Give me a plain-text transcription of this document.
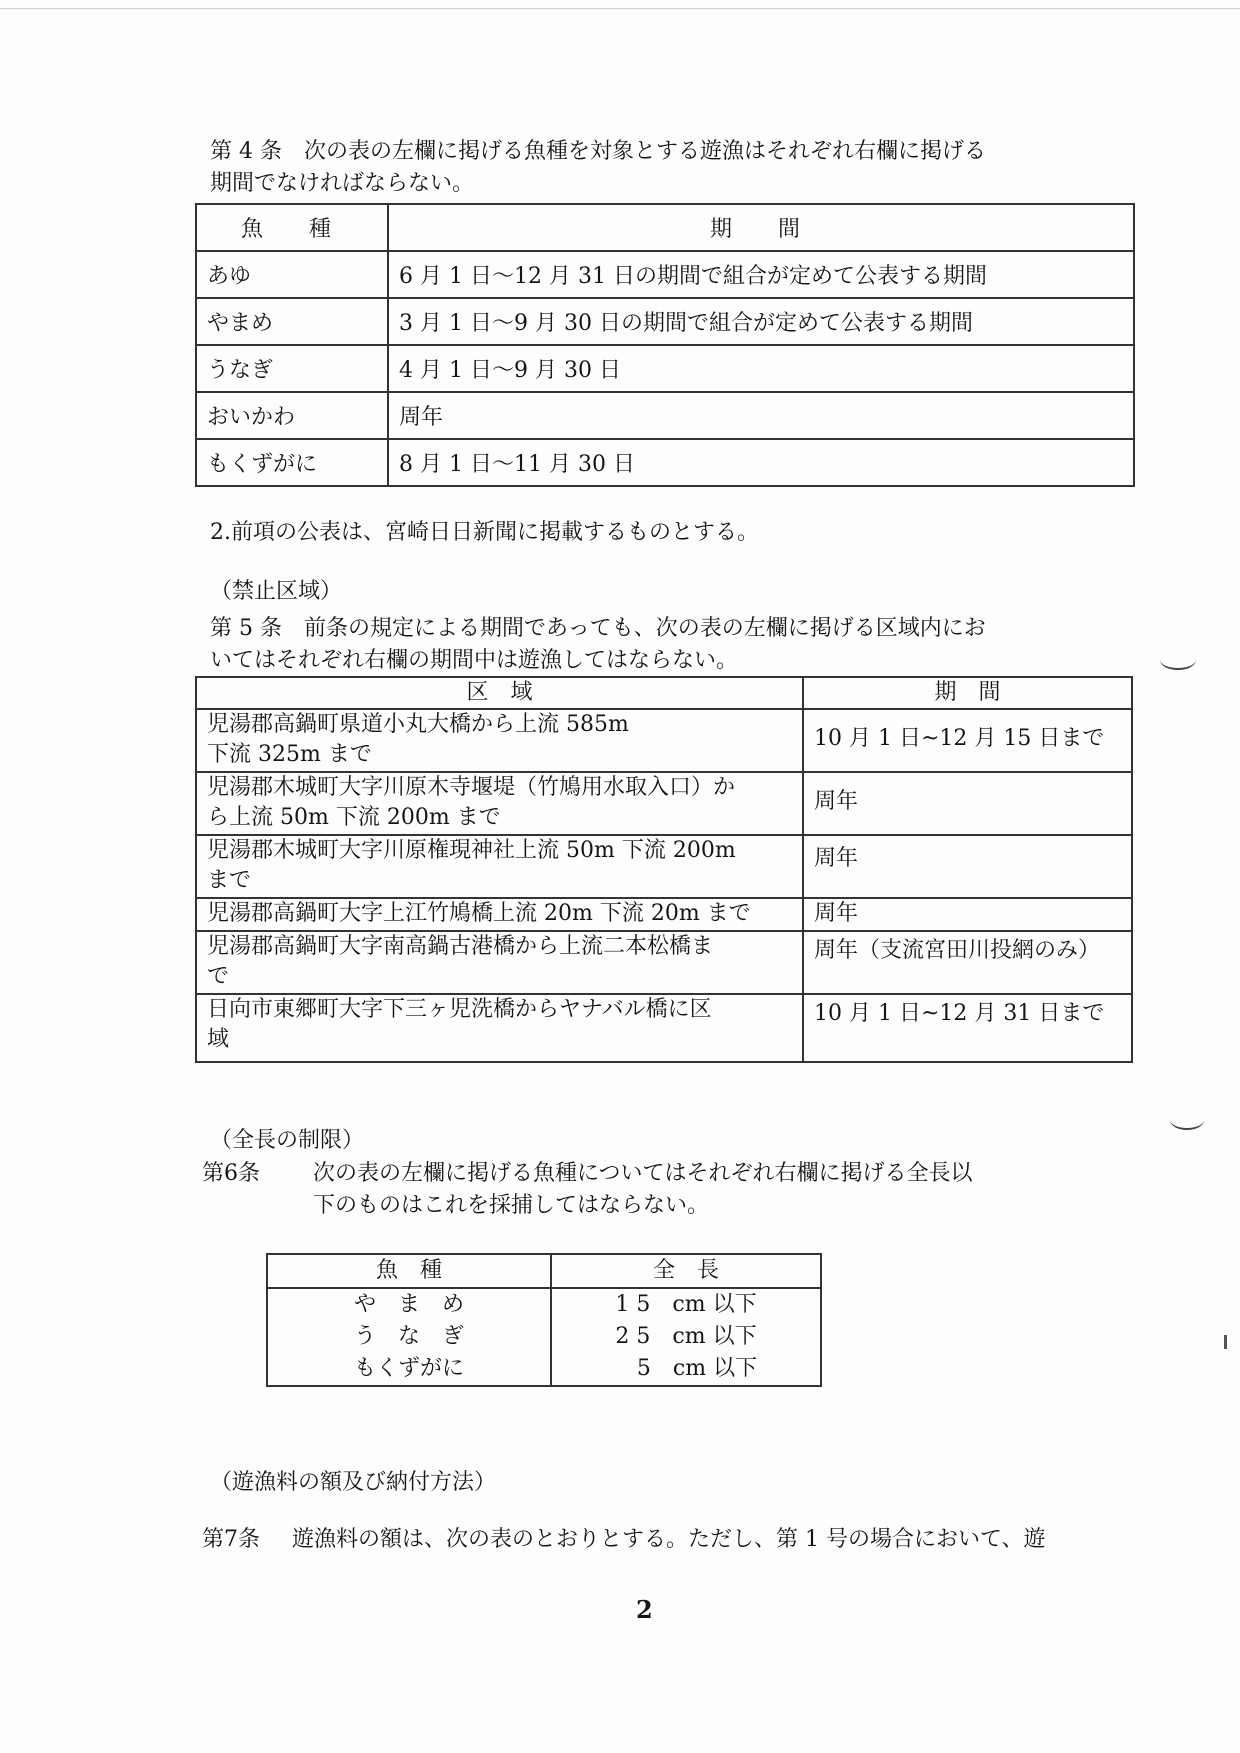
第 4 条　次の表の左欄に掲げる魚種を対象とする遊漁はそれぞれ右欄に掲げる
期間でなければならない。
魚　種	期　間
あゆ	6 月 1 日～12 月 31 日の期間で組合が定めて公表する期間
やまめ	3 月 1 日～9 月 30 日の期間で組合が定めて公表する期間
うなぎ	4 月 1 日～9 月 30 日
おいかわ	周年
もくずがに	8 月 1 日～11 月 30 日
2.前項の公表は、宮崎日日新聞に掲載するものとする。
（禁止区域）
第 5 条　前条の規定による期間であっても、次の表の左欄に掲げる区域内にお
いてはそれぞれ右欄の期間中は遊漁してはならない。
区　域	期　間

児湯郡高鍋町県道小丸大橋から上流 585m
下流 325m まで	10 月 1 日~12 月 15 日まで

児湯郡木城町大字川原木寺堰堤（竹鳩用水取入口）か
ら上流 50m 下流 200m まで	周年

児湯郡木城町大字川原権現神社上流 50m 下流 200m
まで	周年
児湯郡高鍋町大字上江竹鳩橋上流 20m 下流 20m まで	周年

児湯郡高鍋町大字南高鍋古港橋から上流二本松橋ま
で	周年（支流宮田川投網のみ）

日向市東郷町大字下三ヶ児洗橋からヤナバル橋に区
域	10 月 1 日~12 月 31 日まで
（全長の制限）
第6条 次の表の左欄に掲げる魚種についてはそれぞれ右欄に掲げる全長以
下のものはこれを採捕してはならない。
魚　種	全　長
や　ま　め	1 5　cm 以下
う　な　ぎ	2 5　cm 以下
もくずがに	　5　cm 以下
（遊漁料の額及び納付方法）
第7条 遊漁料の額は、次の表のとおりとする。ただし、第 1 号の場合において、遊
2
